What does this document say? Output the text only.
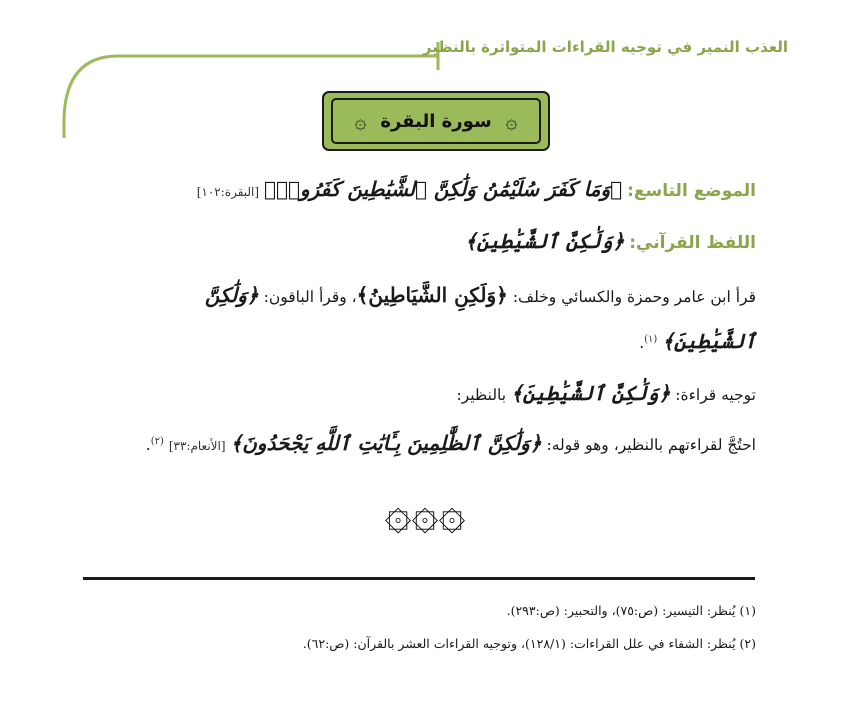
العذب النمير في توجيه القراءات المتواترة بالنظير
۞
سورة البقرة
۞
الموضع التاسع: ﴿وَمَا كَفَرَ سُلَيْمَٰنُ وَلَٰكِنَّ ٱلشَّيَٰطِينَ كَفَرُوا۟﴾ [البقرة:١٠٢]
اللفظ القرآني: ﴿وَلَٰكِنَّ ٱلشَّيَٰطِينَ﴾
قرأ ابن عامر وحمزة والكسائي وخلف: ﴿وَلَكِنِ الشَّيَاطِينُ﴾، وقرأ الباقون: ﴿وَلَٰكِنَّ
ٱلشَّيَٰطِينَ﴾ $^{(١)}$.
توجيه قراءة: ﴿وَلَٰكِنَّ ٱلشَّيَٰطِينَ﴾ بالنظير:
احتُجَّ لقراءتهم بالنظير، وهو قوله: ﴿وَلَٰكِنَّ ٱلظَّٰلِمِينَ بِـَٔايَٰتِ ٱللَّهِ يَجْحَدُونَ﴾ [الأنعام:٣٣] $^{(٢)}$.
۞۞۞
(١) يُنظر: التيسير: (ص:٧٥)، والتحبير: (ص:٢٩٣).
(٢) يُنظر: الشفاء في علل القراءات: (١٢٨/١)، وتوجيه القراءات العشر بالقرآن: (ص:٦٢).
